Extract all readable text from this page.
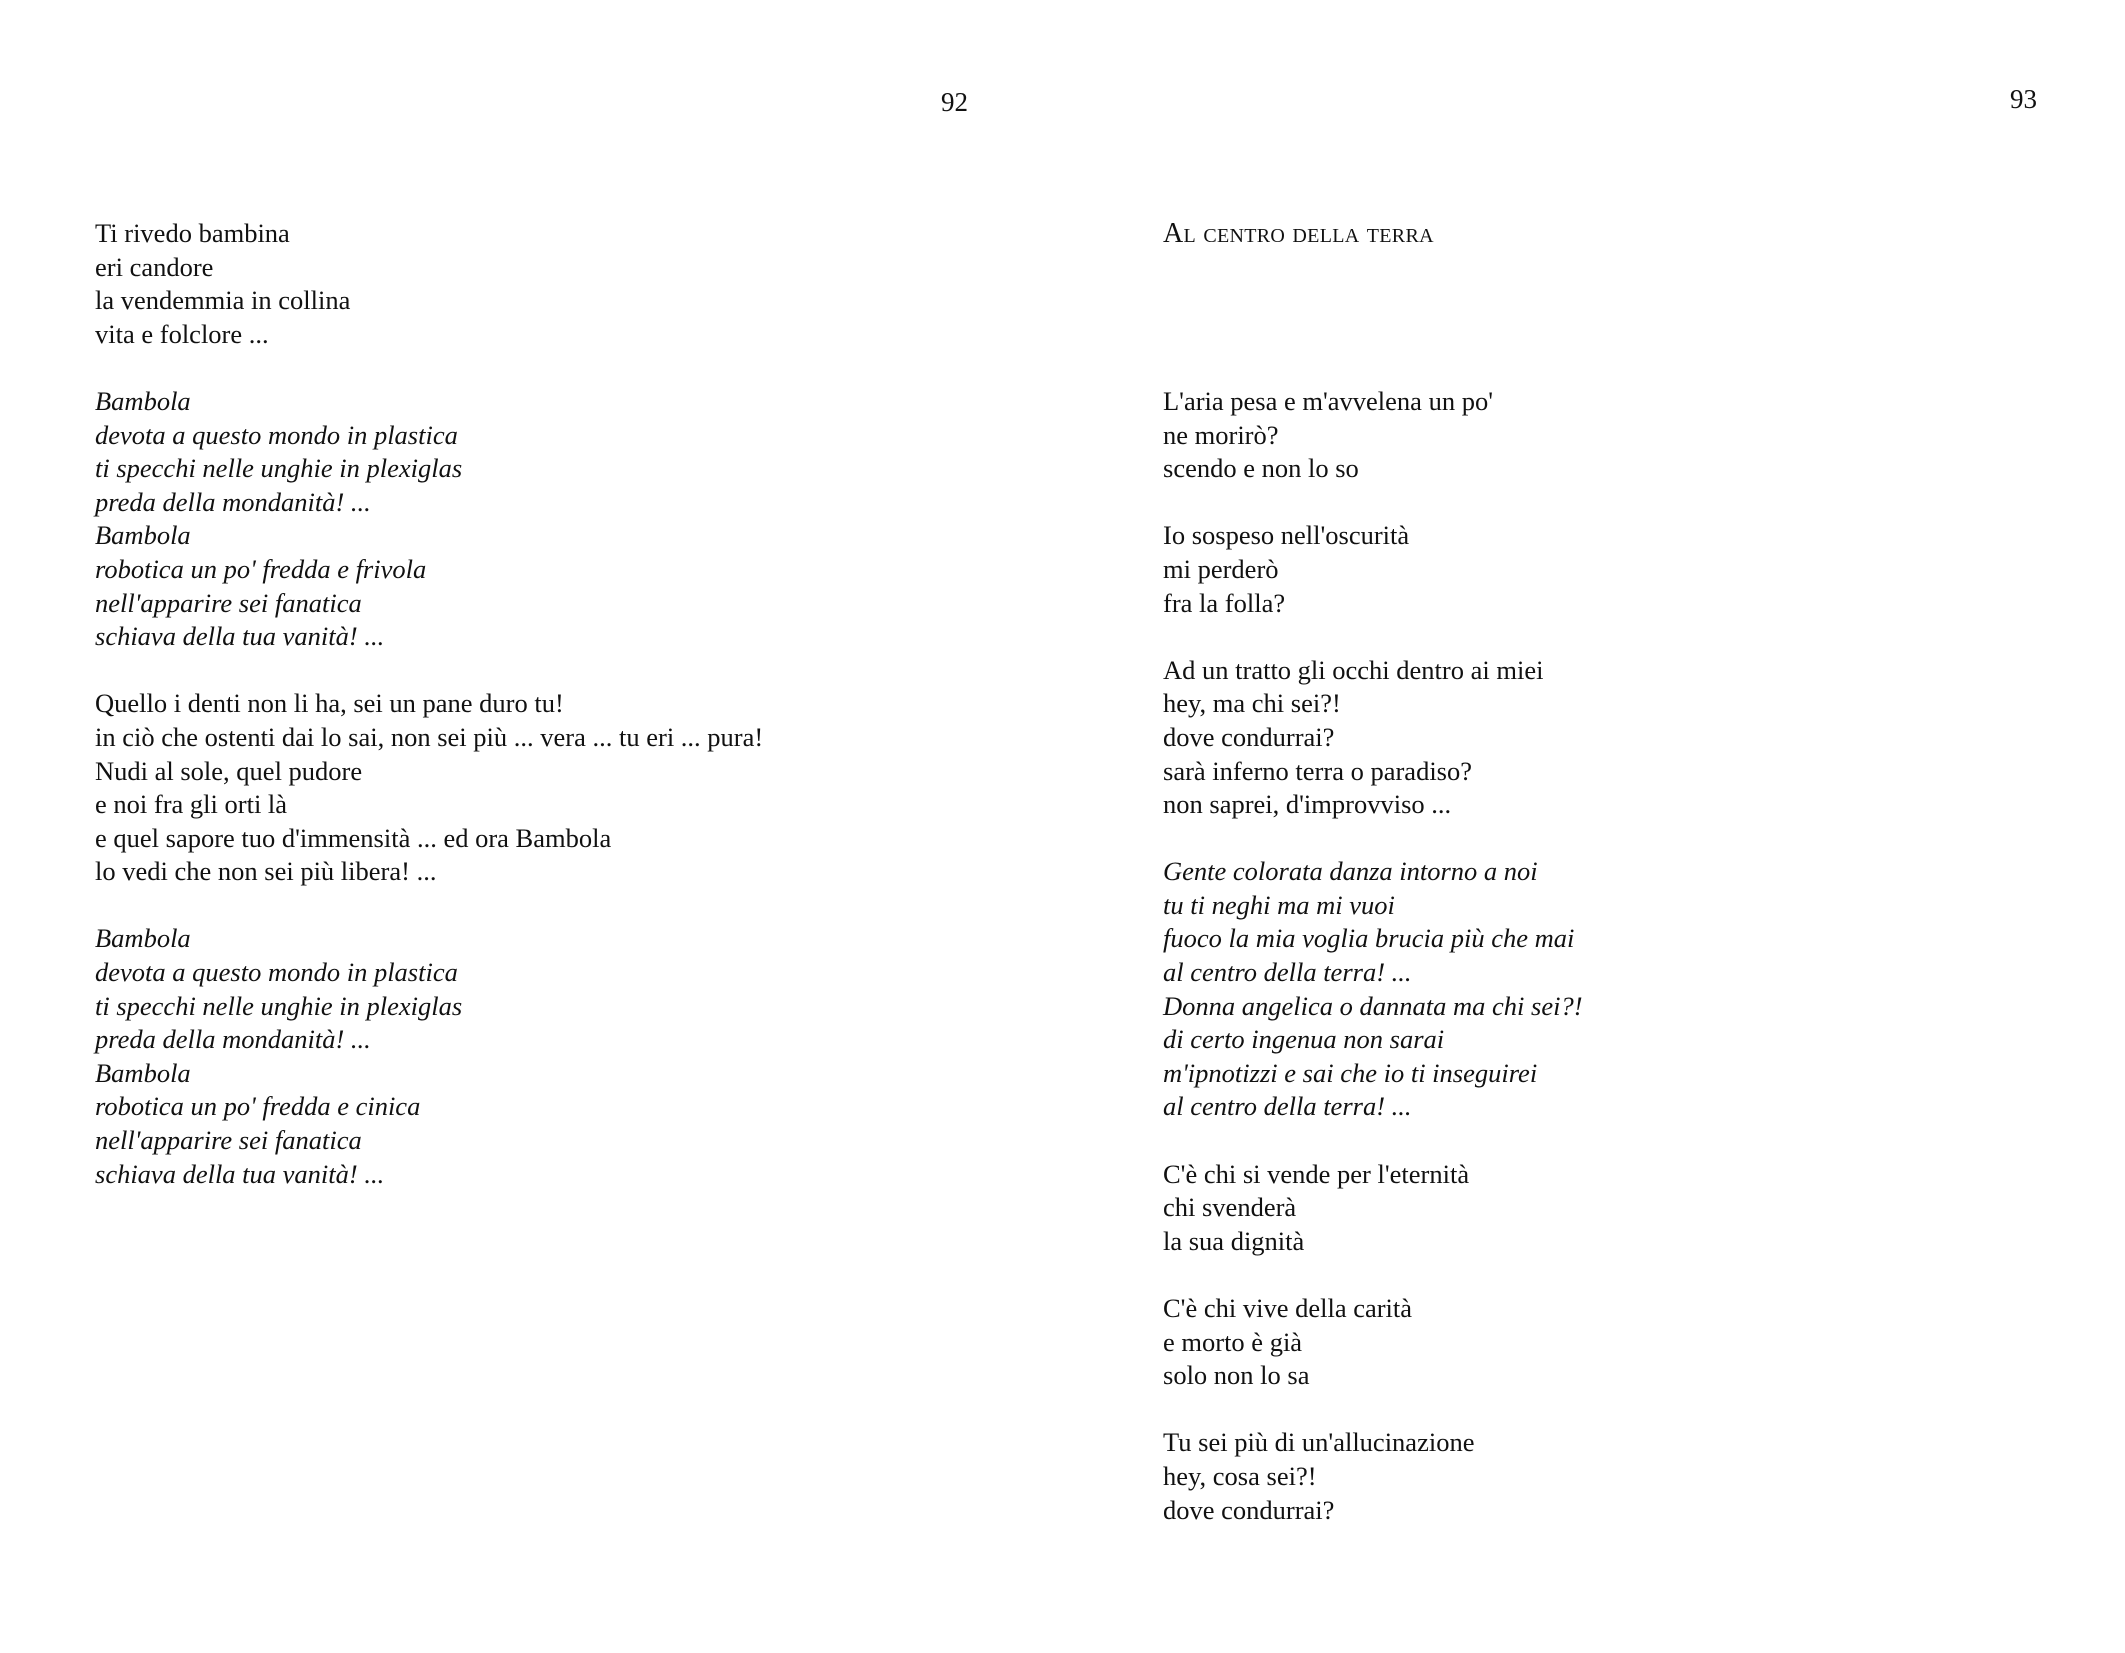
92
Ti rivedo bambina
eri candore
la vendemmia in collina
vita e folclore ...
Bambola
devota a questo mondo in plastica
ti specchi nelle unghie in plexiglas
preda della mondanità! ...
Bambola
robotica un po' fredda e frivola
nell'apparire sei fanatica
schiava della tua vanità! ...
Quello i denti non li ha, sei un pane duro tu!
in ciò che ostenti dai lo sai, non sei più ... vera ... tu eri ... pura!
Nudi al sole, quel pudore
e noi fra gli orti là
e quel sapore tuo d'immensità ... ed ora Bambola
lo vedi che non sei più libera! ...
Bambola
devota a questo mondo in plastica
ti specchi nelle unghie in plexiglas
preda della mondanità! ...
Bambola
robotica un po' fredda e cinica
nell'apparire sei fanatica
schiava della tua vanità! ...
93
Al centro della terra
L'aria pesa e m'avvelena un po'
ne morirò?
scendo e non lo so
Io sospeso nell'oscurità
mi perderò
fra la folla?
Ad un tratto gli occhi dentro ai miei
hey, ma chi sei?!
dove condurrai?
sarà inferno terra o paradiso?
non saprei, d'improvviso ...
Gente colorata danza intorno a noi
tu ti neghi ma mi vuoi
fuoco la mia voglia brucia più che mai
al centro della terra! ...
Donna angelica o dannata ma chi sei?!
di certo ingenua non sarai
m'ipnotizzi e sai che io ti inseguirei
al centro della terra! ...
C'è chi si vende per l'eternità
chi svenderà
la sua dignità
C'è chi vive della carità
e morto è già
solo non lo sa
Tu sei più di un'allucinazione
hey, cosa sei?!
dove condurrai?
